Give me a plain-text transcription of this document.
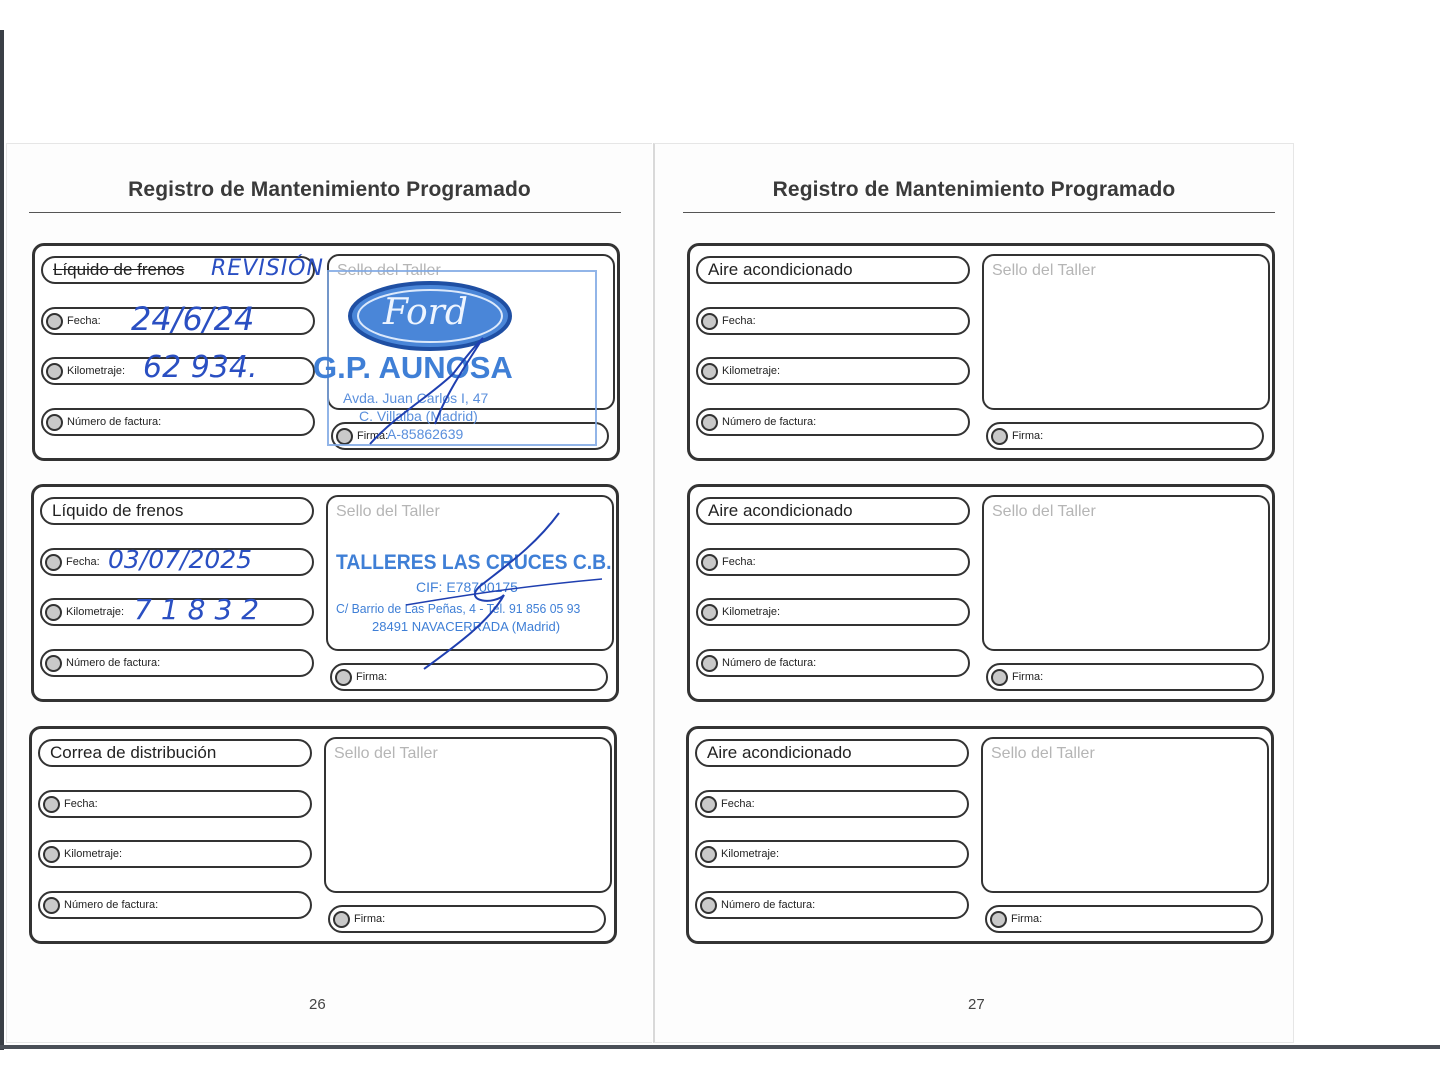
Registro de Mantenimiento Programado
Líquido de frenos
Fecha:
Kilometraje:
Número de factura:
Sello del Taller
Firma:
REVISIÓN
24/6/24
62 934.
Ford
G.P. AUNOSA
Avda. Juan Carlos I, 47
C. Villalba (Madrid)
A-85862639
Líquido de frenos
Fecha:
Kilometraje:
Número de factura:
Sello del Taller
Firma:
03/07/2025
71832
TALLERES LAS CRUCES C.B.
CIF: E78700175
C/ Barrio de Las Peñas, 4 - Tel. 91 856 05 93
28491 NAVACERRADA (Madrid)
Correa de distribución
Fecha:
Kilometraje:
Número de factura:
Sello del Taller
Firma:
26
Registro de Mantenimiento Programado
Aire acondicionado
Fecha:
Kilometraje:
Número de factura:
Sello del Taller
Firma:
Aire acondicionado
Fecha:
Kilometraje:
Número de factura:
Sello del Taller
Firma:
Aire acondicionado
Fecha:
Kilometraje:
Número de factura:
Sello del Taller
Firma:
27
